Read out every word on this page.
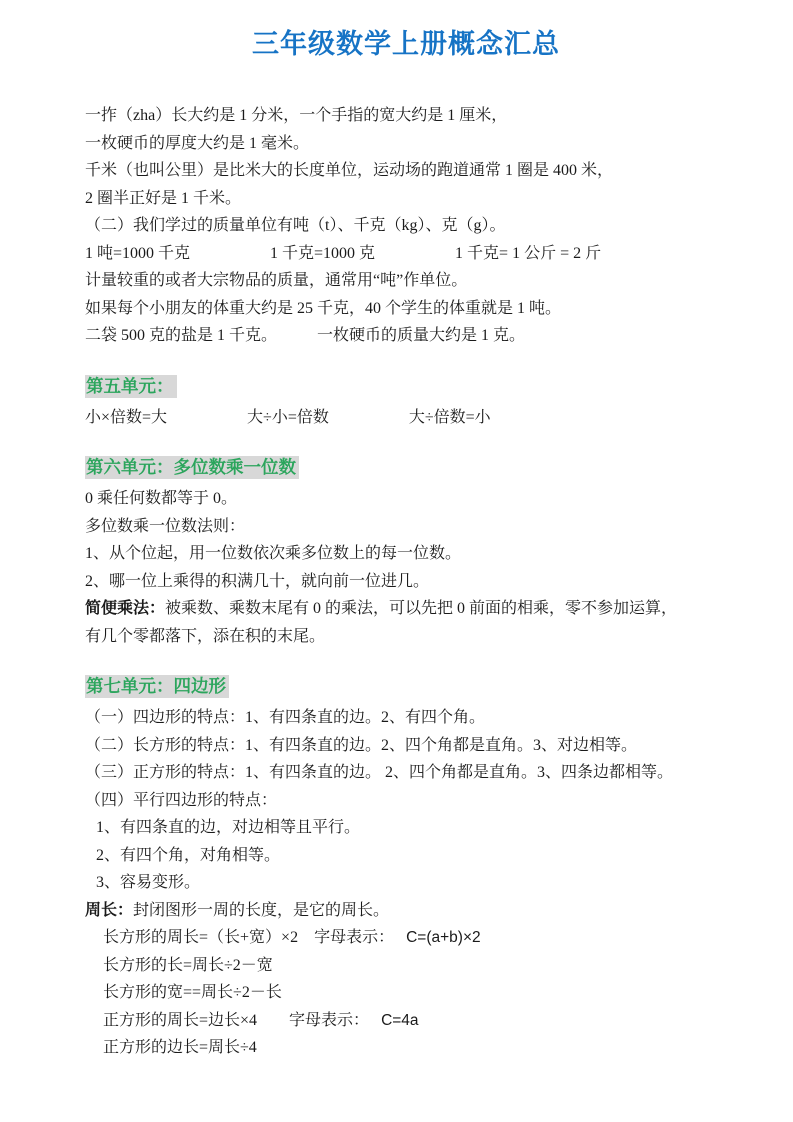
三年级数学上册概念汇总

一拃（zha）长大约是 1 分米，一个手指的宽大约是 1 厘米，

一枚硬币的厚度大约是 1 毫米。

千米（也叫公里）是比米大的长度单位，运动场的跑道通常 1 圈是 400 米，

2 圈半正好是 1 千米。

（二）我们学过的质量单位有吨（t）、千克（kg）、克（g）。

1 吨=1000 千克　　　　　1 千克=1000 克　　　　　1 千克= 1 公斤 = 2 斤

计量较重的或者大宗物品的质量，通常用“吨”作单位。

如果每个小朋友的体重大约是 25 千克，40 个学生的体重就是 1 吨。

二袋 500 克的盐是 1 千克。　　　一枚硬币的质量大约是 1 克。

第五单元：

小×倍数=大　　　　　大÷小=倍数　　　　　大÷倍数=小

第六单元：多位数乘一位数

0 乘任何数都等于 0。

多位数乘一位数法则：

1、从个位起，用一位数依次乘多位数上的每一位数。

2、哪一位上乘得的积满几十，就向前一位进几。

简便乘法：被乘数、乘数末尾有 0 的乘法，可以先把 0 前面的相乘，零不参加运算，

有几个零都落下，添在积的末尾。

第七单元：四边形

（一）四边形的特点：1、有四条直的边。2、有四个角。

（二）长方形的特点：1、有四条直的边。2、四个角都是直角。3、对边相等。

（三）正方形的特点：1、有四条直的边。 2、四个角都是直角。3、四条边都相等。

（四）平行四边形的特点：

1、有四条直的边，对边相等且平行。

2、有四个角，对角相等。

3、容易变形。

周长：封闭图形一周的长度，是它的周长。

长方形的周长=（长+宽）×2　字母表示：   C=(a+b)×2

长方形的长=周长÷2－宽

长方形的宽==周长÷2－长

正方形的周长=边长×4　　字母表示：   C=4a

正方形的边长=周长÷4
